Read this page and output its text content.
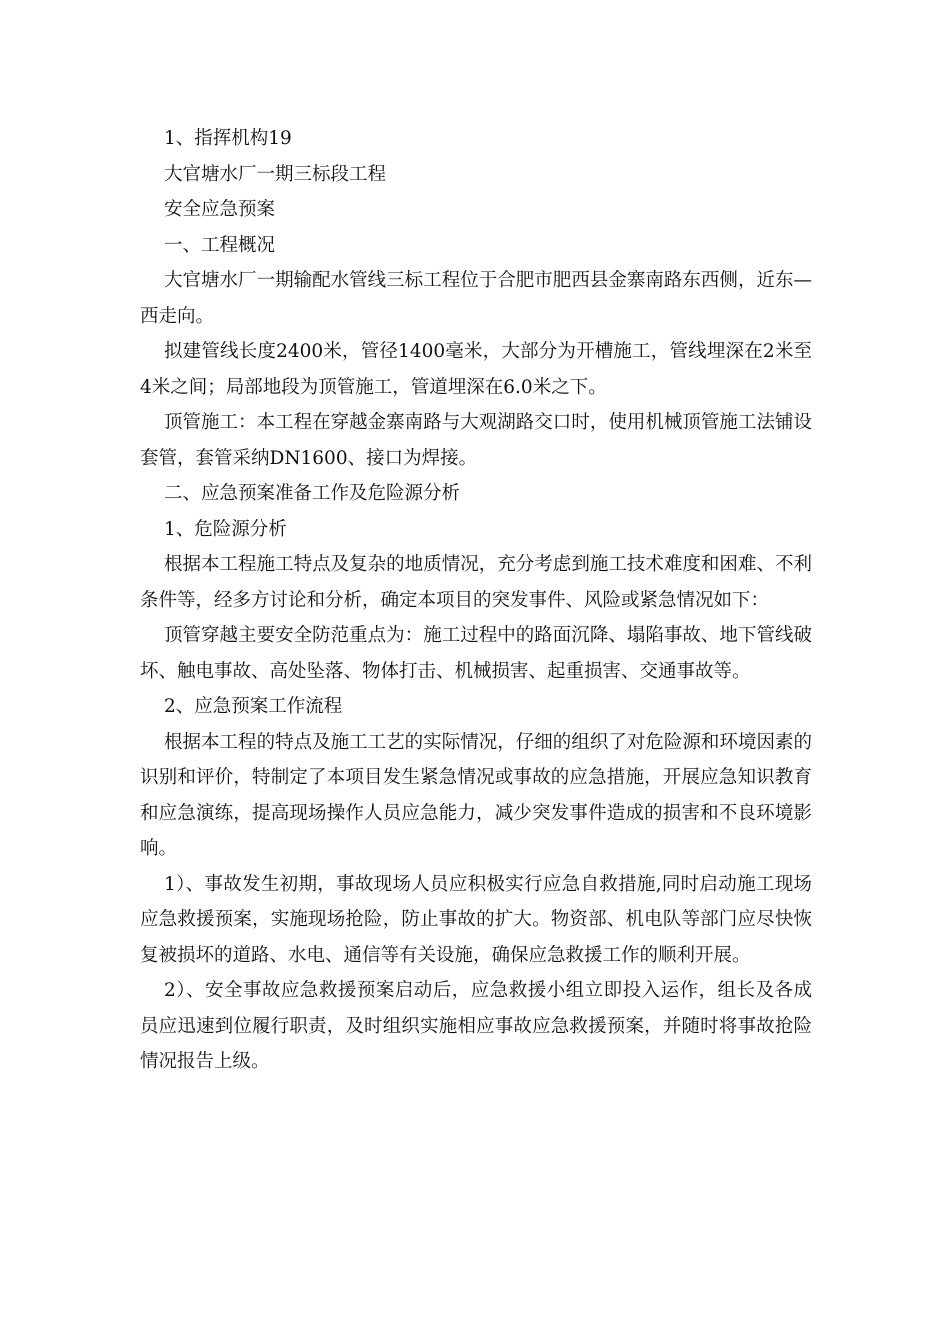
1、指挥机构19

大官塘水厂一期三标段工程

安全应急预案

一、工程概况

大官塘水厂一期输配水管线三标工程位于合肥市肥西县金寨南路东西侧，近东—西走向。

拟建管线长度2400米，管径1400毫米，大部分为开槽施工，管线埋深在2米至4米之间；局部地段为顶管施工，管道埋深在6.0米之下。

顶管施工：本工程在穿越金寨南路与大观湖路交口时，使用机械顶管施工法铺设套管，套管采纳DN1600、接口为焊接。

二、应急预案准备工作及危险源分析

1、危险源分析

根据本工程施工特点及复杂的地质情况，充分考虑到施工技术难度和困难、不利条件等，经多方讨论和分析，确定本项目的突发事件、风险或紧急情况如下：

顶管穿越主要安全防范重点为：施工过程中的路面沉降、塌陷事故、地下管线破坏、触电事故、高处坠落、物体打击、机械损害、起重损害、交通事故等。

2、应急预案工作流程

根据本工程的特点及施工工艺的实际情况，仔细的组织了对危险源和环境因素的识别和评价，特制定了本项目发生紧急情况或事故的应急措施，开展应急知识教育和应急演练，提高现场操作人员应急能力，减少突发事件造成的损害和不良环境影响。

1）、事故发生初期，事故现场人员应积极实行应急自救措施,同时启动施工现场应急救援预案，实施现场抢险，防止事故的扩大。物资部、机电队等部门应尽快恢复被损坏的道路、水电、通信等有关设施，确保应急救援工作的顺利开展。

2）、安全事故应急救援预案启动后，应急救援小组立即投入运作，组长及各成员应迅速到位履行职责，及时组织实施相应事故应急救援预案，并随时将事故抢险情况报告上级。
